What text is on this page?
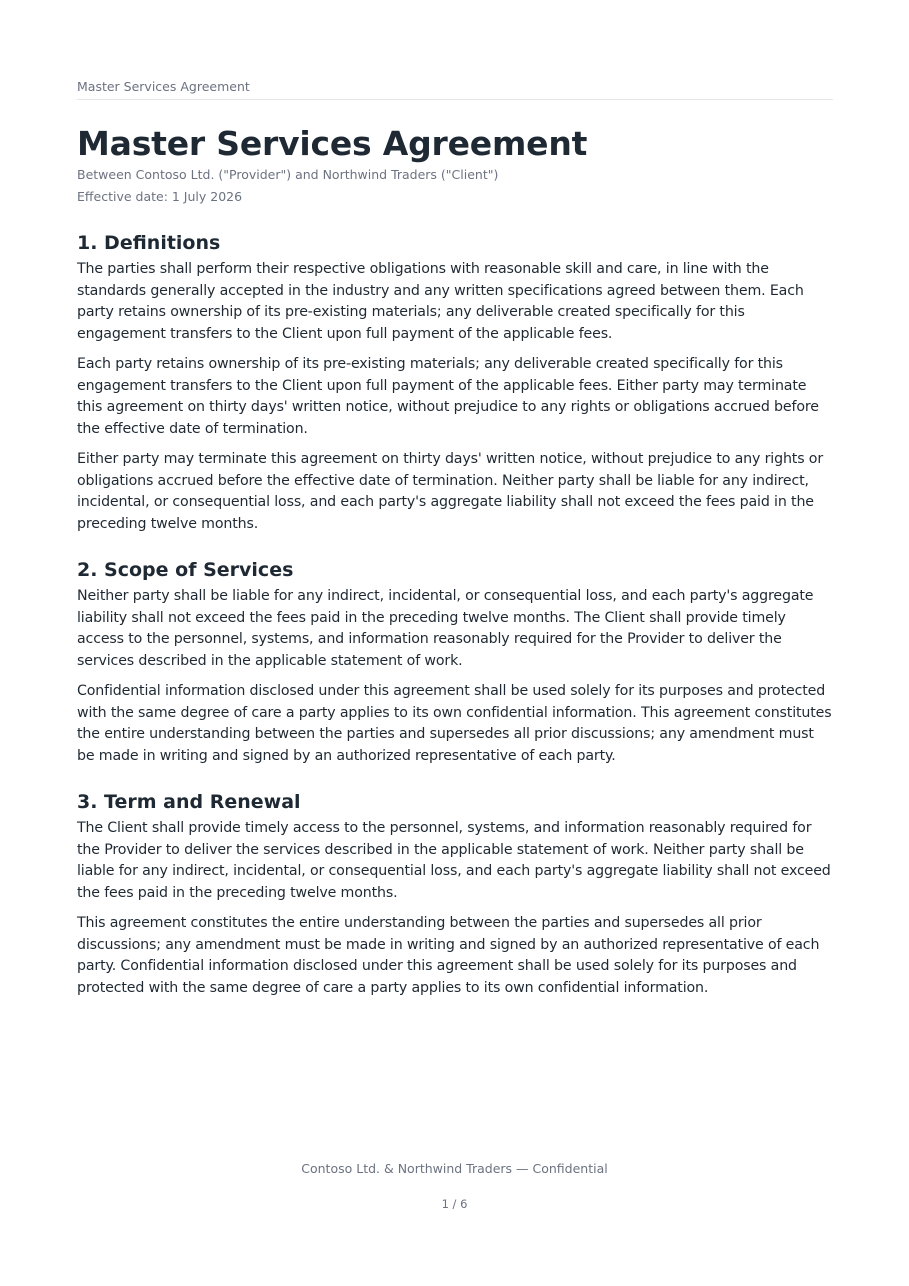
Master Services Agreement
Master Services Agreement
Between Contoso Ltd. ("Provider") and Northwind Traders ("Client")
Effective date: 1 July 2026
1. Definitions

The parties shall perform their respective obligations with reasonable skill and care, in line with the standards generally accepted in the industry and any written specifications agreed between them. Each party retains ownership of its pre-existing materials; any deliverable created specifically for this engagement transfers to the Client upon full payment of the applicable fees.

Each party retains ownership of its pre-existing materials; any deliverable created specifically for this engagement transfers to the Client upon full payment of the applicable fees. Either party may terminate this agreement on thirty days' written notice, without prejudice to any rights or obligations accrued before the effective date of termination.

Either party may terminate this agreement on thirty days' written notice, without prejudice to any rights or obligations accrued before the effective date of termination. Neither party shall be liable for any indirect, incidental, or consequential loss, and each party's aggregate liability shall not exceed the fees paid in the preceding twelve months.

2. Scope of Services

Neither party shall be liable for any indirect, incidental, or consequential loss, and each party's aggregate liability shall not exceed the fees paid in the preceding twelve months. The Client shall provide timely access to the personnel, systems, and information reasonably required for the Provider to deliver the services described in the applicable statement of work.

Confidential information disclosed under this agreement shall be used solely for its purposes and protected with the same degree of care a party applies to its own confidential information. This agreement constitutes the entire understanding between the parties and supersedes all prior discussions; any amendment must be made in writing and signed by an authorized representative of each party.

3. Term and Renewal

The Client shall provide timely access to the personnel, systems, and information reasonably required for the Provider to deliver the services described in the applicable statement of work. Neither party shall be liable for any indirect, incidental, or consequential loss, and each party's aggregate liability shall not exceed the fees paid in the preceding twelve months.

This agreement constitutes the entire understanding between the parties and supersedes all prior discussions; any amendment must be made in writing and signed by an authorized representative of each party. Confidential information disclosed under this agreement shall be used solely for its purposes and protected with the same degree of care a party applies to its own confidential information.

Contoso Ltd. & Northwind Traders — Confidential
1 / 6
